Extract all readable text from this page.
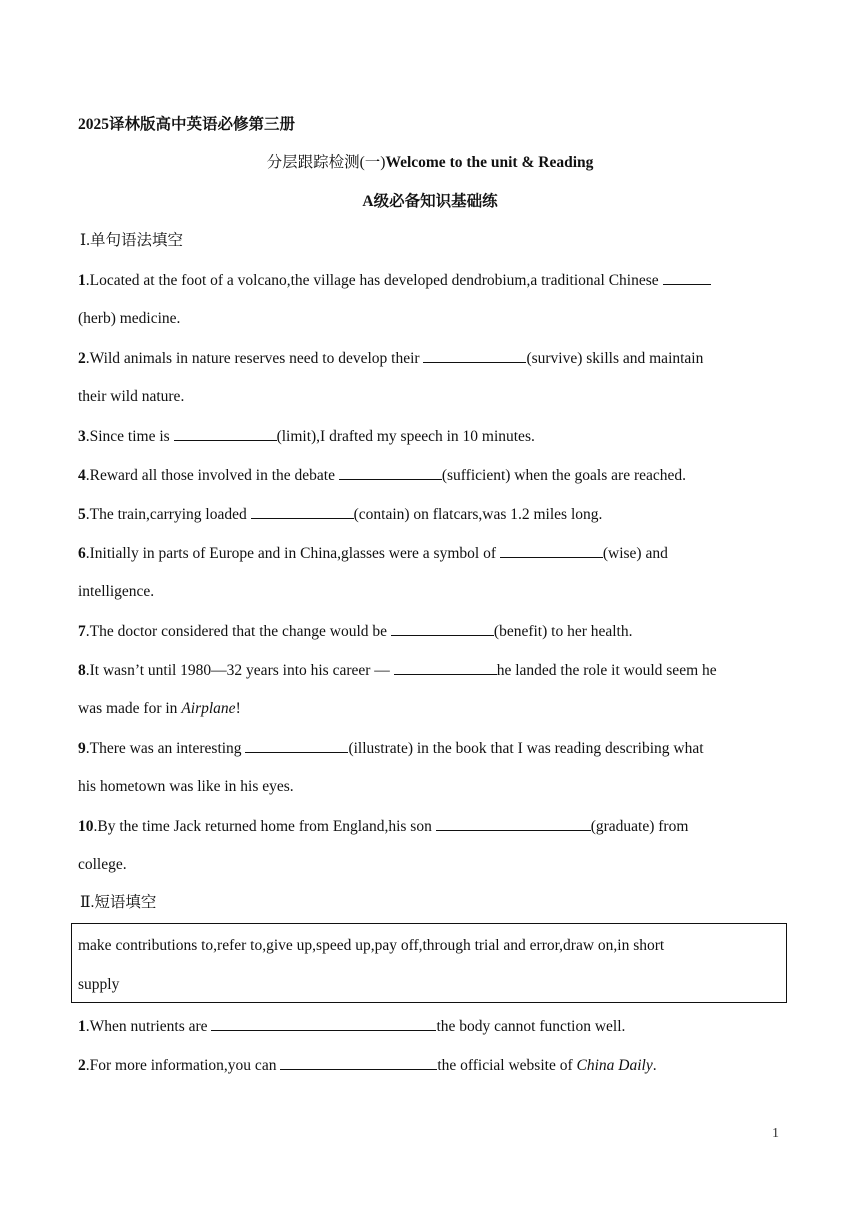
2025译林版高中英语必修第三册
分层跟踪检测(一)Welcome to the unit & Reading
A级必备知识基础练
Ⅰ.单句语法填空
1.Located at the foot of a volcano,the village has developed dendrobium,a traditional Chinese
(herb) medicine.
2.Wild animals in nature reserves need to develop their	(survive) skills and maintain
their wild nature.
3.Since time is	(limit),I drafted my speech in 10 minutes.
4.Reward all those involved in the debate	(sufficient) when the goals are reached.
5.The train,carrying loaded	(contain) on flatcars,was 1.2 miles long.
6.Initially in parts of Europe and in China,glasses were a symbol of	(wise) and
intelligence.
7.The doctor considered that the change would be	(benefit) to her health.
8.It wasn’t until 1980—32 years into his career —	he landed the role it would seem he
was made for in Airplane!
9.There was an interesting	(illustrate) in the book that I was reading describing what
his hometown was like in his eyes.
10.By the time Jack returned home from England,his son	(graduate) from
college.
Ⅱ.短语填空
make contributions to,refer to,give up,speed up,pay off,through trial and error,draw on,in short
supply
1.When nutrients are	the body cannot function well.
2.For more information,you can	the official website of China Daily.
1
